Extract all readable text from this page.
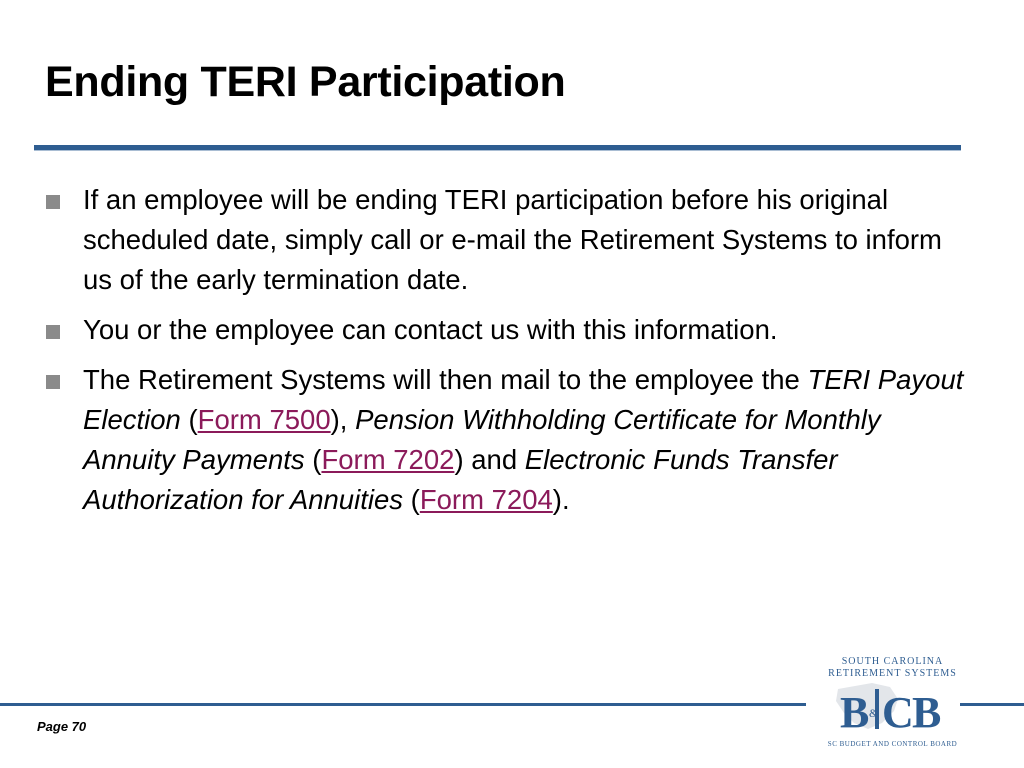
Ending TERI Participation
If an employee will be ending TERI participation before his original scheduled date, simply call or e-mail the Retirement Systems to inform us of the early termination date.
You or the employee can contact us with this information.
The Retirement Systems will then mail to the employee the TERI Payout Election (Form 7500), Pension Withholding Certificate for Monthly Annuity Payments (Form 7202) and Electronic Funds Transfer Authorization for Annuities (Form 7204).
Page 70
SOUTH CAROLINA
RETIREMENT SYSTEMS
B & C
B
SC BUDGET AND CONTROL BOARD
